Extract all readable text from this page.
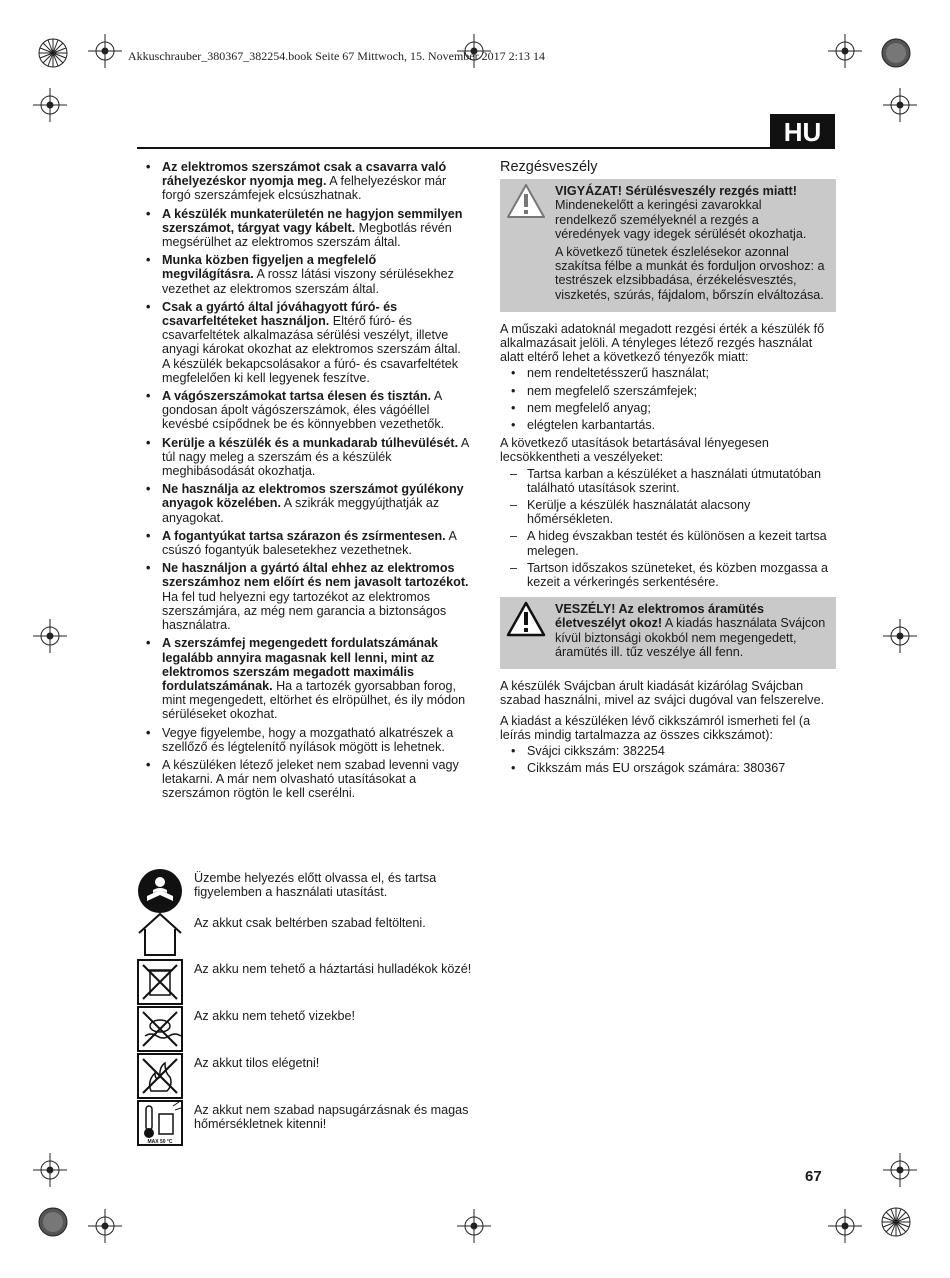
Akkuschrauber_380367_382254.book Seite 67 Mittwoch, 15. November 2017 2:13 14
HU
• Az elektromos szerszámot csak a csavarra való ráhelyezéskor nyomja meg. A felhelyezéskor már forgó szerszámfejek elcsúszhatnak.
• A készülék munkaterületén ne hagyjon semmilyen szerszámot, tárgyat vagy kábelt. Megbotlás révén megsérülhet az elektromos szerszám által.
• Munka közben figyeljen a megfelelő megvilágításra. A rossz látási viszony sérülésekhez vezethet az elektromos szerszám által.
• Csak a gyártó által jóváhagyott fúró- és csavarfeltéteket használjon. Eltérő fúró- és csavarfeltétek alkalmazása sérülési veszélyt, illetve anyagi károkat okozhat az elektromos szerszám által. A készülék bekapcsolásakor a fúró- és csavarfeltétek megfelelően ki kell legyenek feszítve.
• A vágószerszámokat tartsa élesen és tisztán. A gondosan ápolt vágószerszámok, éles vágóéllel kevésbé csípődnek be és könnyebben vezethetők.
• Kerülje a készülék és a munkadarab túlhevülését. A túl nagy meleg a szerszám és a készülék meghibásodását okozhatja.
• Ne használja az elektromos szerszámot gyúlékony anyagok közelében. A szikrák meggyújthatják az anyagokat.
• A fogantyúkat tartsa szárazon és zsírmentesen. A csúszó fogantyúk balesetekhez vezethetnek.
• Ne használjon a gyártó által ehhez az elektromos szerszámhoz nem előírt és nem javasolt tartozékot. Ha fel tud helyezni egy tartozékot az elektromos szerszámjára, az még nem garancia a biztonságos használatra.
• A szerszámfej megengedett fordulatszámának legalább annyira magasnak kell lenni, mint az elektromos szerszám megadott maximális fordulatszámának. Ha a tartozék gyorsabban forog, mint megengedett, eltörhet és elröpülhet, és ily módon sérüléseket okozhat.
• Vegye figyelembe, hogy a mozgatható alkatrészek a szellőző és légtelenítő nyílások mögött is lehetnek.
• A készüléken létező jeleket nem szabad levenni vagy letakarni. A már nem olvasható utasításokat a szerszámon rögtön le kell cserélni.
Üzembe helyezés előtt olvassa el, és tartsa figyelemben a használati utasítást.
Az akkut csak beltérben szabad feltölteni.
Az akku nem tehető a háztartási hulladékok közé!
Az akku nem tehető vizekbe!
Az akkut tilos elégetni!
MAX 50 °C
Az akkut nem szabad napsugárzásnak és magas hőmérsékletnek kitenni!
Rezgésveszély

VIGYÁZAT! Sérülésveszély rezgés miatt! Mindenekelőtt a keringési zavarokkal rendelkező személyeknél a rezgés a véredények vagy idegek sérülését okozhatja.

A következő tünetek észlelésekor azonnal szakítsa félbe a munkát és forduljon orvoshoz: a testrészek elzsibbadása, érzékelésvesztés, viszketés, szúrás, fájdalom, bőrszín elváltozása.

A műszaki adatoknál megadott rezgési érték a készülék fő alkalmazásait jelöli. A tényleges létező rezgés használat alatt eltérő lehet a következő tényezők miatt:

• nem rendeltetésszerű használat;
• nem megfelelő szerszámfejek;
• nem megfelelő anyag;
• elégtelen karbantartás.

A következő utasítások betartásával lényegesen lecsökkentheti a veszélyeket:

– Tartsa karban a készüléket a használati útmutatóban található utasítások szerint.
– Kerülje a készülék használatát alacsony hőmérsékleten.
– A hideg évszakban testét és különösen a kezeit tartsa melegen.
– Tartson időszakos szüneteket, és közben mozgassa a kezeit a vérkeringés serkentésére.

VESZÉLY! Az elektromos áramütés életveszélyt okoz! A kiadás használata Svájcon kívül biztonsági okokból nem megengedett, áramütés ill. tűz veszélye áll fenn.

A készülék Svájcban árult kiadását kizárólag Svájcban szabad használni, mivel az svájci dugóval van felszerelve.

A kiadást a készüléken lévő cikkszámról ismerheti fel (a leírás mindig tartalmazza az összes cikkszámot):

• Svájci cikkszám: 382254
• Cikkszám más EU országok számára: 380367
67
